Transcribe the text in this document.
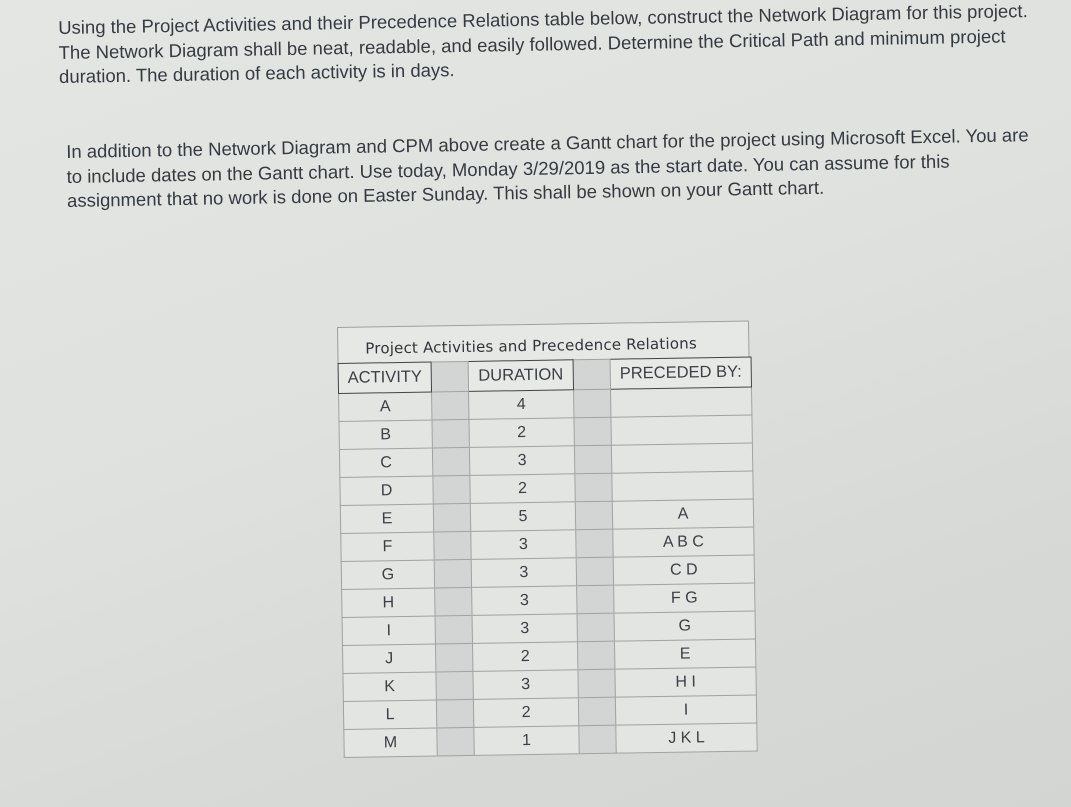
Using the Project Activities and their Precedence Relations table below, construct the Network Diagram for this project. The Network Diagram shall be neat, readable, and easily followed. Determine the Critical Path and minimum project duration. The duration of each activity is in days.

In addition to the Network Diagram and CPM above create a Gantt chart for the project using Microsoft Excel. You are to include dates on the Gantt chart. Use today, Monday 3/29/2019 as the start date. You can assume for this assignment that no work is done on Easter Sunday. This shall be shown on your Gantt chart.

Project Activities and Precedence Relations
ACTIVITY		DURATION		PRECEDED BY:
A		4		
B		2		
C		3		
D		2		
E		5		A
F		3		A B C
G		3		C D
H		3		F G
I		3		G
J		2		E
K		3		H I
L		2		I
M		1		J K L
